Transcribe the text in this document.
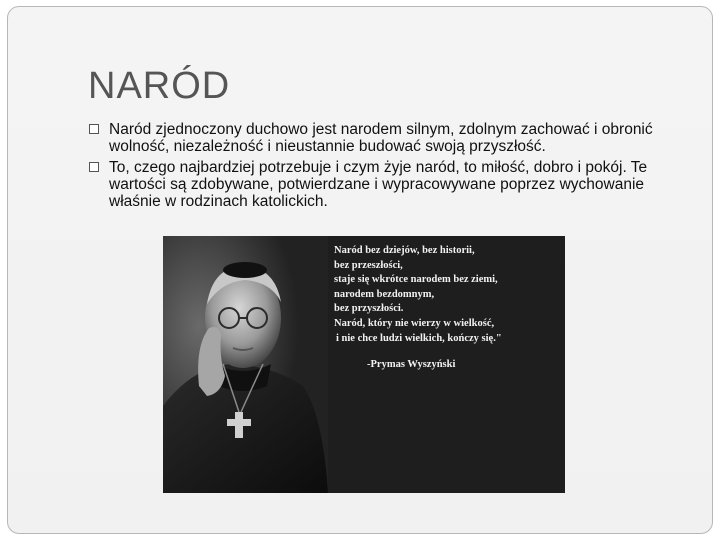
NARÓD
Naród zjednoczony duchowo jest narodem silnym, zdolnym zachować i obronić wolność, niezależność i nieustannie budować swoją przyszłość.
To, czego najbardziej potrzebuje i czym żyje naród, to miłość, dobro i pokój. Te wartości są zdobywane, potwierdzane i wypracowywane poprzez wychowanie właśnie w rodzinach katolickich.
Naród bez dziejów, bez historii,
bez przeszłości,
staje się wkrótce narodem bez ziemi,
narodem bezdomnym,
bez przyszłości.
Naród, który nie wierzy w wielkość,
i nie chce ludzi wielkich, kończy się."
-Prymas Wyszyński
